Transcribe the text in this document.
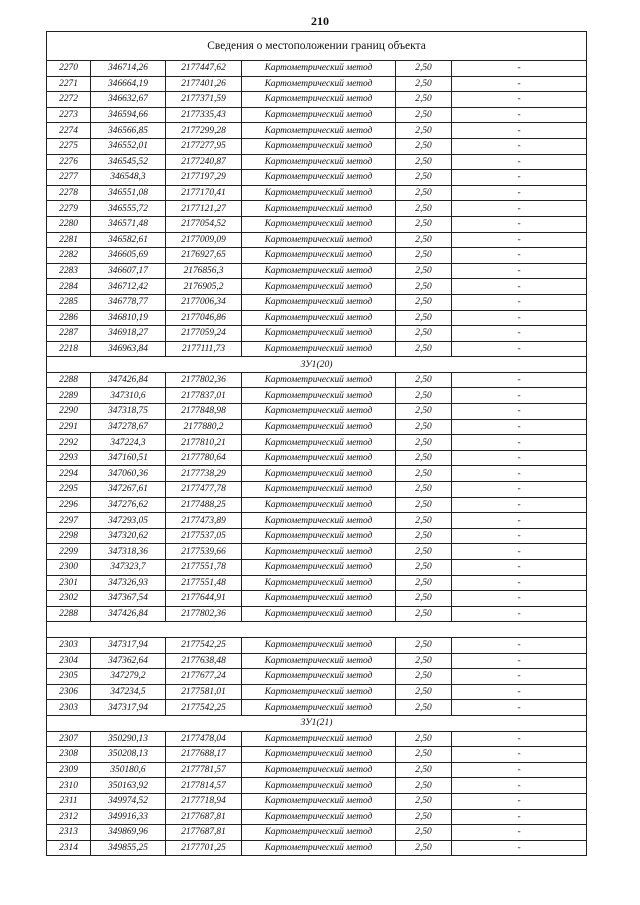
210
Сведения о местоположении границ объекта					
2270	346714,26	2177447,62	Картометрический метод	2,50	-
2271	346664,19	2177401,26	Картометрический метод	2,50	-
2272	346632,67	2177371,59	Картометрический метод	2,50	-
2273	346594,66	2177335,43	Картометрический метод	2,50	-
2274	346566,85	2177299,28	Картометрический метод	2,50	-
2275	346552,01	2177277,95	Картометрический метод	2,50	-
2276	346545,52	2177240,87	Картометрический метод	2,50	-
2277	346548,3	2177197,29	Картометрический метод	2,50	-
2278	346551,08	2177170,41	Картометрический метод	2,50	-
2279	346555,72	2177121,27	Картометрический метод	2,50	-
2280	346571,48	2177054,52	Картометрический метод	2,50	-
2281	346582,61	2177009,09	Картометрический метод	2,50	-
2282	346605,69	2176927,65	Картометрический метод	2,50	-
2283	346607,17	2176856,3	Картометрический метод	2,50	-
2284	346712,42	2176905,2	Картометрический метод	2,50	-
2285	346778,77	2177006,34	Картометрический метод	2,50	-
2286	346810,19	2177046,86	Картометрический метод	2,50	-
2287	346918,27	2177059,24	Картометрический метод	2,50	-
2218	346963,84	2177111,73	Картометрический метод	2,50	-
ЗУ1(20)					
2288	347426,84	2177802,36	Картометрический метод	2,50	-
2289	347310,6	2177837,01	Картометрический метод	2,50	-
2290	347318,75	2177848,98	Картометрический метод	2,50	-
2291	347278,67	2177880,2	Картометрический метод	2,50	-
2292	347224,3	2177810,21	Картометрический метод	2,50	-
2293	347160,51	2177780,64	Картометрический метод	2,50	-
2294	347060,36	2177738,29	Картометрический метод	2,50	-
2295	347267,61	2177477,78	Картометрический метод	2,50	-
2296	347276,62	2177488,25	Картометрический метод	2,50	-
2297	347293,05	2177473,89	Картометрический метод	2,50	-
2298	347320,62	2177537,05	Картометрический метод	2,50	-
2299	347318,36	2177539,66	Картометрический метод	2,50	-
2300	347323,7	2177551,78	Картометрический метод	2,50	-
2301	347326,93	2177551,48	Картометрический метод	2,50	-
2302	347367,54	2177644,91	Картометрический метод	2,50	-
2288	347426,84	2177802,36	Картометрический метод	2,50	-

2303	347317,94	2177542,25	Картометрический метод	2,50	-
2304	347362,64	2177638,48	Картометрический метод	2,50	-
2305	347279,2	2177677,24	Картометрический метод	2,50	-
2306	347234,5	2177581,01	Картометрический метод	2,50	-
2303	347317,94	2177542,25	Картометрический метод	2,50	-
ЗУ1(21)					
2307	350290,13	2177478,04	Картометрический метод	2,50	-
2308	350208,13	2177688,17	Картометрический метод	2,50	-
2309	350180,6	2177781,57	Картометрический метод	2,50	-
2310	350163,92	2177814,57	Картометрический метод	2,50	-
2311	349974,52	2177718,94	Картометрический метод	2,50	-
2312	349916,33	2177687,81	Картометрический метод	2,50	-
2313	349869,96	2177687,81	Картометрический метод	2,50	-
2314	349855,25	2177701,25	Картометрический метод	2,50	-
